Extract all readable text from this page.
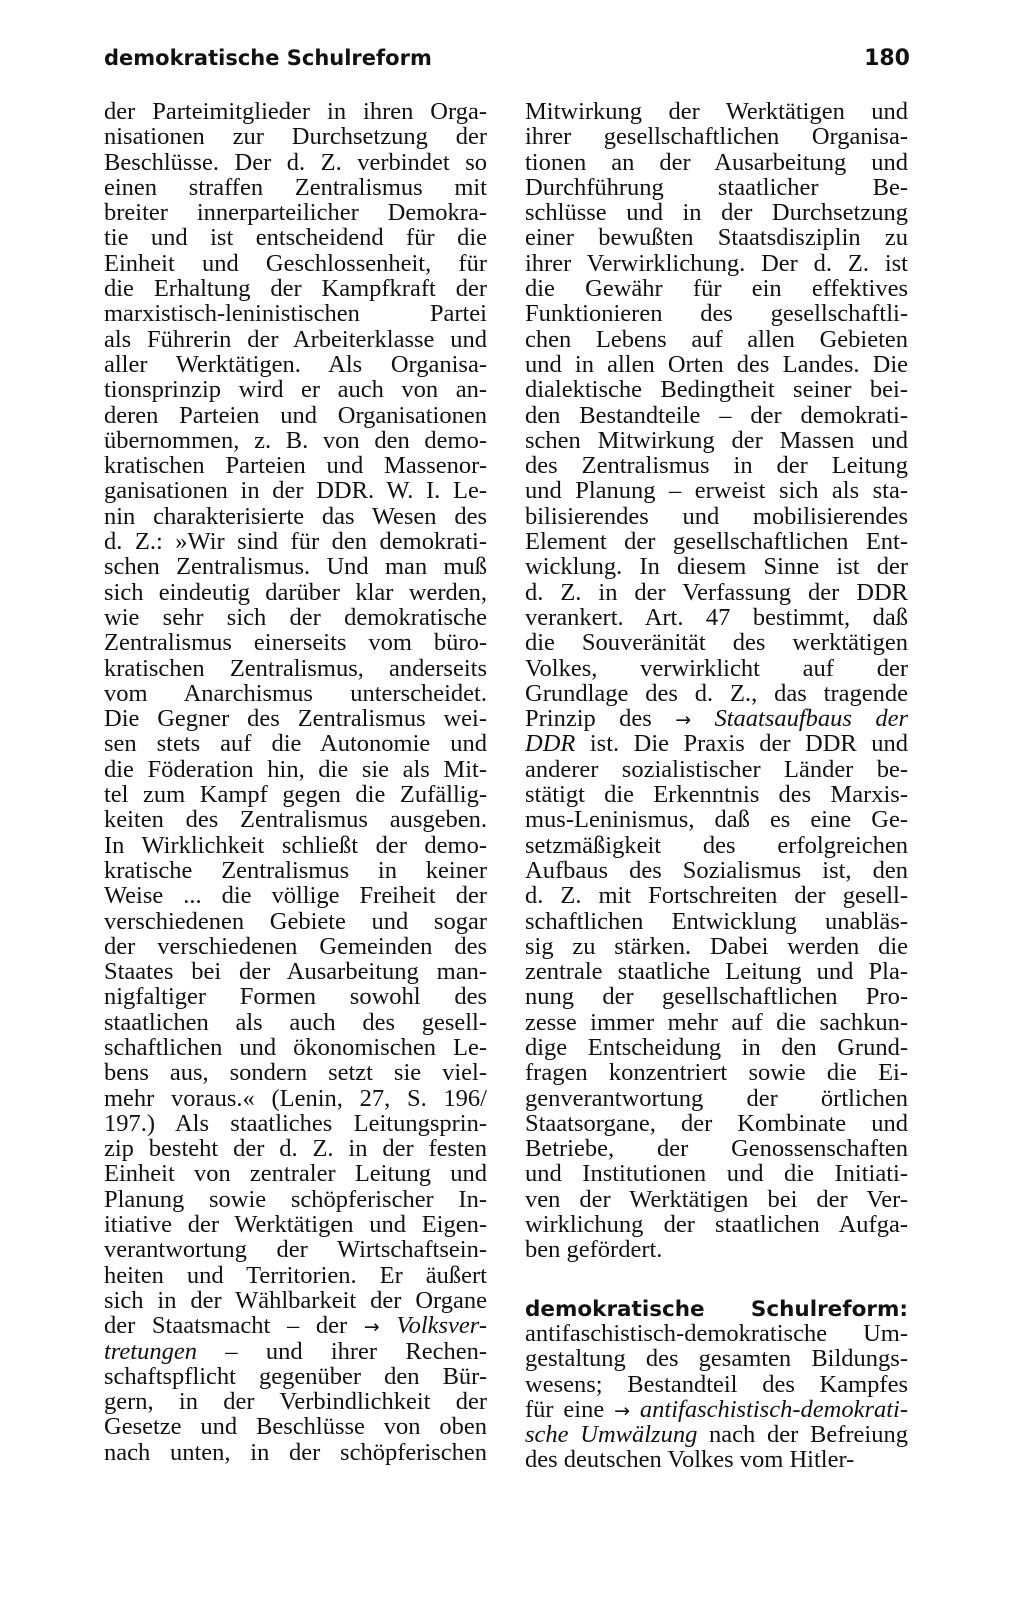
demokratische Schulreform	180
der Parteimitglieder in ihren Orga-
nisationen zur Durchsetzung der
Beschlüsse. Der d. Z. verbindet so
einen straffen Zentralismus mit
breiter innerparteilicher Demokra-
tie und ist entscheidend für die
Einheit und Geschlossenheit, für
die Erhaltung der Kampfkraft der
marxistisch-leninistischen Partei
als Führerin der Arbeiterklasse und
aller Werktätigen. Als Organisa-
tionsprinzip wird er auch von an-
deren Parteien und Organisationen
übernommen, z. B. von den demo-
kratischen Parteien und Massenor-
ganisationen in der DDR. W. I. Le-
nin charakterisierte das Wesen des
d. Z.: »Wir sind für den demokrati-
schen Zentralismus. Und man muß
sich eindeutig darüber klar werden,
wie sehr sich der demokratische
Zentralismus einerseits vom büro-
kratischen Zentralismus, anderseits
vom Anarchismus unterscheidet.
Die Gegner des Zentralismus wei-
sen stets auf die Autonomie und
die Föderation hin, die sie als Mit-
tel zum Kampf gegen die Zufällig-
keiten des Zentralismus ausgeben.
In Wirklichkeit schließt der demo-
kratische Zentralismus in keiner
Weise ... die völlige Freiheit der
verschiedenen Gebiete und sogar
der verschiedenen Gemeinden des
Staates bei der Ausarbeitung man-
nigfaltiger Formen sowohl des
staatlichen als auch des gesell-
schaftlichen und ökonomischen Le-
bens aus, sondern setzt sie viel-
mehr voraus.« (Lenin, 27, S. 196/
197.) Als staatliches Leitungsprin-
zip besteht der d. Z. in der festen
Einheit von zentraler Leitung und
Planung sowie schöpferischer In-
itiative der Werktätigen und Eigen-
verantwortung der Wirtschaftsein-
heiten und Territorien. Er äußert
sich in der Wählbarkeit der Organe
der Staatsmacht – der → Volksver-
tretungen – und ihrer Rechen-
schaftspflicht gegenüber den Bür-
gern, in der Verbindlichkeit der
Gesetze und Beschlüsse von oben
nach unten, in der schöpferischen
Mitwirkung der Werktätigen und
ihrer gesellschaftlichen Organisa-
tionen an der Ausarbeitung und
Durchführung staatlicher Be-
schlüsse und in der Durchsetzung
einer bewußten Staatsdisziplin zu
ihrer Verwirklichung. Der d. Z. ist
die Gewähr für ein effektives
Funktionieren des gesellschaftli-
chen Lebens auf allen Gebieten
und in allen Orten des Landes. Die
dialektische Bedingtheit seiner bei-
den Bestandteile – der demokrati-
schen Mitwirkung der Massen und
des Zentralismus in der Leitung
und Planung – erweist sich als sta-
bilisierendes und mobilisierendes
Element der gesellschaftlichen Ent-
wicklung. In diesem Sinne ist der
d. Z. in der Verfassung der DDR
verankert. Art. 47 bestimmt, daß
die Souveränität des werktätigen
Volkes, verwirklicht auf der
Grundlage des d. Z., das tragende
Prinzip des → Staatsaufbaus der
DDR ist. Die Praxis der DDR und
anderer sozialistischer Länder be-
stätigt die Erkenntnis des Marxis-
mus-Leninismus, daß es eine Ge-
setzmäßigkeit des erfolgreichen
Aufbaus des Sozialismus ist, den
d. Z. mit Fortschreiten der gesell-
schaftlichen Entwicklung unabläs-
sig zu stärken. Dabei werden die
zentrale staatliche Leitung und Pla-
nung der gesellschaftlichen Pro-
zesse immer mehr auf die sachkun-
dige Entscheidung in den Grund-
fragen konzentriert sowie die Ei-
genverantwortung der örtlichen
Staatsorgane, der Kombinate und
Betriebe, der Genossenschaften
und Institutionen und die Initiati-
ven der Werktätigen bei der Ver-
wirklichung der staatlichen Aufga-
ben gefördert.
demokratische Schulreform:
antifaschistisch-demokratische Um-
gestaltung des gesamten Bildungs-
wesens; Bestandteil des Kampfes
für eine → antifaschistisch-demokrati-
sche Umwälzung nach der Befreiung
des deutschen Volkes vom Hitler-
